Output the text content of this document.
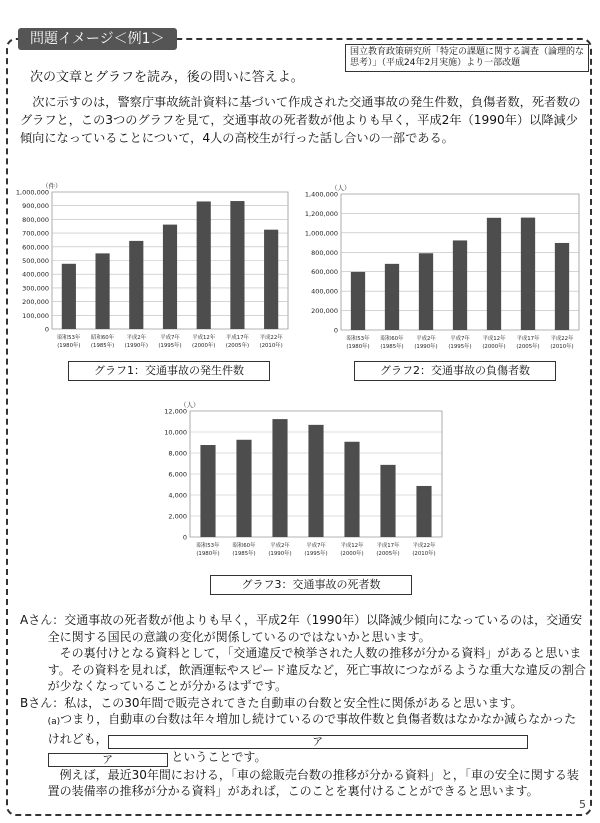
問題イメージ＜例1＞
国立教育政策研究所「特定の課題に関する調査（論理的な思考）」（平成24年2月実施）より一部改題
次の文章とグラフを読み，後の問いに答えよ。
次に示すのは，警察庁事故統計資料に基づいて作成された交通事故の発生件数，負傷者数，死者数のグラフと，この3つのグラフを見て，交通事故の死者数が他よりも早く，平成2年（1990年）以降減少傾向になっていることについて，4人の高校生が行った話し合いの一部である。
1,000,000
900,000
800,000
700,000
600,000
500,000
400,000
300,000
200,000
100,000
0
（件）
昭和53年
(1980年)
昭和60年
(1985年)
平成2年
(1990年)
平成7年
(1995年)
平成12年
(2000年)
平成17年
(2005年)
平成22年
(2010年)
グラフ1：交通事故の発生件数
1,400,000
1,200,000
1,000,000
800,000
600,000
400,000
200,000
0
（人）
昭和53年
(1980年)
昭和60年
(1985年)
平成2年
(1990年)
平成7年
(1995年)
平成12年
(2000年)
平成17年
(2005年)
平成22年
(2010年)
グラフ2：交通事故の負傷者数
12,000
10,000
8,000
6,000
4,000
2,000
0
（人）
昭和53年
(1980年)
昭和60年
(1985年)
平成2年
(1990年)
平成7年
(1995年)
平成12年
(2000年)
平成17年
(2005年)
平成22年
(2010年)
グラフ3：交通事故の死者数

Aさん：交通事故の死者数が他よりも早く，平成2年（1990年）以降減少傾向になっているのは，交通安全に関する国民の意識の変化が関係しているのではないかと思います。

その裏付けとなる資料として，「交通違反で検挙された人数の推移が分かる資料」があると思います。その資料を見れば，飲酒運転やスピード違反など，死亡事故につながるような重大な違反の割合が少なくなっていることが分かるはずです。

Bさん：私は，この30年間で販売されてきた自動車の台数と安全性に関係があると思います。

(a)つまり，自動車の台数は年々増加し続けているので事故件数と負傷者数はなかなか減らなかったけれども，	ア
ア	ということです。

例えば，最近30年間における，「車の総販売台数の推移が分かる資料」と，「車の安全に関する装置の装備率の推移が分かる資料」があれば，このことを裏付けることができると思います。

5
